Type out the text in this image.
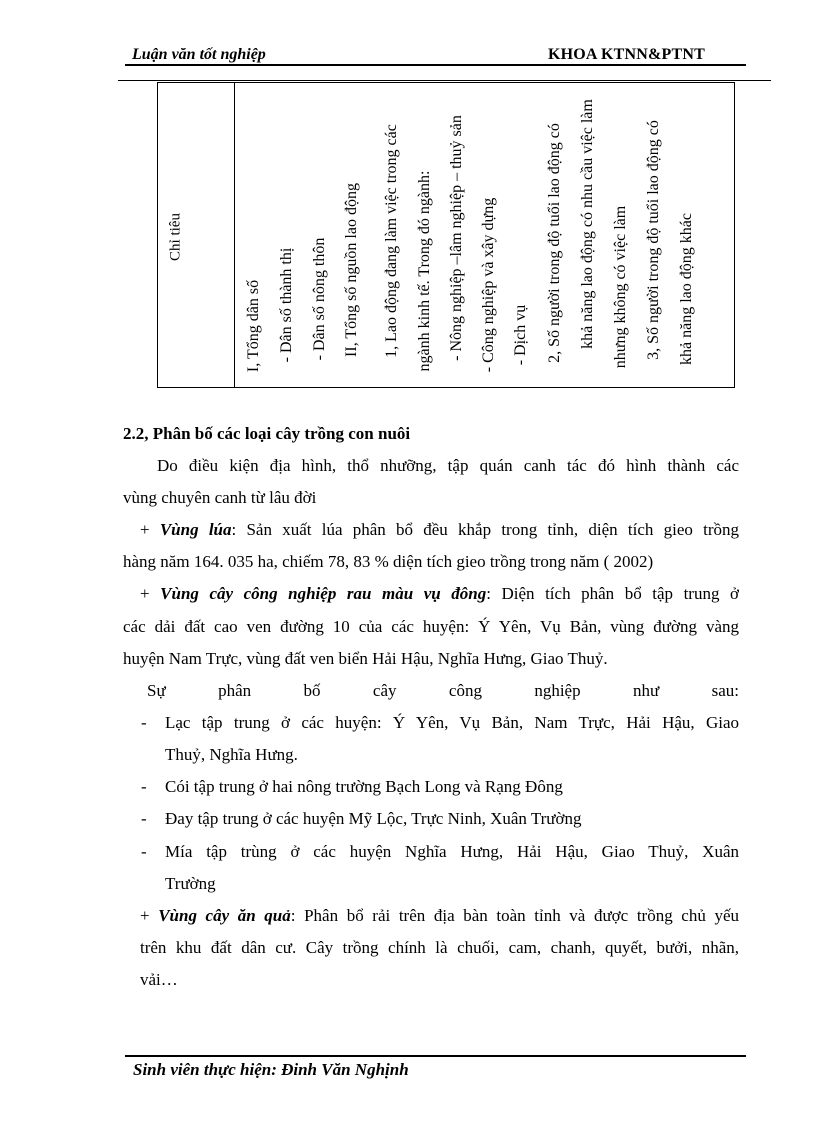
Luận văn tốt nghiệp	KHOA KTNN&PTNT
Chỉ tiêu
I, Tổng dân số - Dân số thành thị - Dân số nông thôn II, Tổng số nguồn lao động 1, Lao động đang làm việc trong các ngành kinh tế. Trong đó ngành: - Nông nghiệp –lâm nghiệp – thuỷ sản - Công nghiệp và xây dựng - Dịch vụ 2, Số người trong độ tuổi lao động có khả năng lao động có nhu cầu việc làm nhưng không có việc làm 3, Số người trong độ tuổi lao động có khả năng lao động khác
2.2, Phân bố các loại cây trồng con nuôi
Do điều kiện địa hình, thổ nhưỡng, tập quán canh tác đó hình thành các
vùng chuyên canh từ lâu đời
+ Vùng lúa: Sản xuất lúa phân bổ đều khắp trong tỉnh, diện tích gieo trồng
hàng năm 164. 035 ha, chiếm 78, 83 % diện tích gieo trồng trong năm ( 2002)
+ Vùng cây công nghiệp rau màu vụ đông: Diện tích phân bổ tập trung ở
các dải đất cao ven đường 10 của các huyện: Ý Yên, Vụ Bản, vùng đường vàng
huyện Nam Trực, vùng đất ven biển Hải Hậu, Nghĩa Hưng, Giao Thuỷ.
Sự phân bố cây công nghiệp như sau:
- Lạc tập trung ở các huyện: Ý Yên, Vụ Bản, Nam Trực, Hải Hậu, Giao
Thuỷ, Nghĩa Hưng.
- Cói tập trung ở hai nông trường Bạch Long và Rạng Đông
- Đay tập trung ở các huyện Mỹ Lộc, Trực Ninh, Xuân Trường
- Mía tập trùng ở các huyện Nghĩa Hưng, Hải Hậu, Giao Thuỷ, Xuân
Trường
+ Vùng cây ăn quả: Phân bổ rải trên địa bàn toàn tỉnh và được trồng chủ yếu
trên khu đất dân cư. Cây trồng chính là chuối, cam, chanh, quyết, bưởi, nhãn,
vải…
Sinh viên thực hiện: Đinh Văn Nghịnh
